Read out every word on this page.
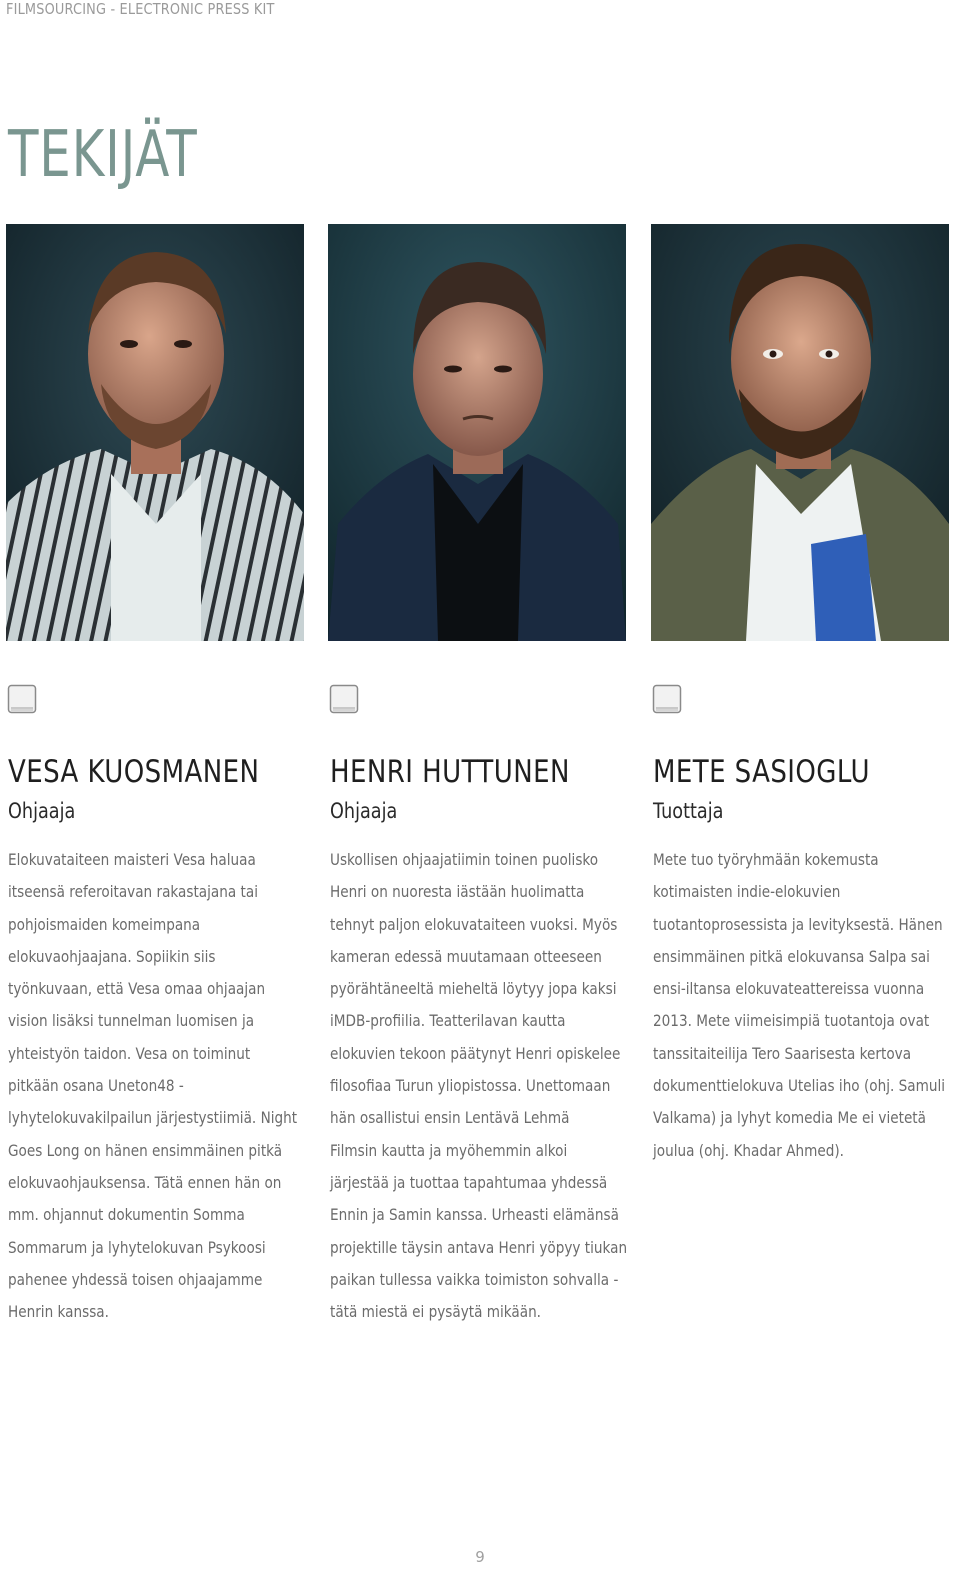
FILMSOURCING - ELECTRONIC PRESS KIT
TEKIJÄT
VESA KUOSMANEN
Ohjaaja
Elokuvataiteen maisteri Vesa haluaa
itseensä referoitavan rakastajana tai
pohjoismaiden komeimpana
elokuvaohjaajana. Sopiikin siis
työnkuvaan, että Vesa omaa ohjaajan
vision lisäksi tunnelman luomisen ja
yhteistyön taidon. Vesa on toiminut
pitkään osana Uneton48 -
lyhytelokuvakilpailun järjestystiimiä. Night
Goes Long on hänen ensimmäinen pitkä
elokuvaohjauksensa. Tätä ennen hän on
mm. ohjannut dokumentin Somma
Sommarum ja lyhytelokuvan Psykoosi
pahenee yhdessä toisen ohjaajamme
Henrin kanssa.
HENRI HUTTUNEN
Ohjaaja
Uskollisen ohjaajatiimin toinen puolisko
Henri on nuoresta iästään huolimatta
tehnyt paljon elokuvataiteen vuoksi. Myös
kameran edessä muutamaan otteeseen
pyörähtäneeltä mieheltä löytyy jopa kaksi
iMDB-profiilia. Teatterilavan kautta
elokuvien tekoon päätynyt Henri opiskelee
filosofiaa Turun yliopistossa. Unettomaan
hän osallistui ensin Lentävä Lehmä
Filmsin kautta ja myöhemmin alkoi
järjestää ja tuottaa tapahtumaa yhdessä
Ennin ja Samin kanssa. Urheasti elämänsä
projektille täysin antava Henri yöpyy tiukan
paikan tullessa vaikka toimiston sohvalla -
tätä miestä ei pysäytä mikään.
METE SASIOGLU
Tuottaja
Mete tuo työryhmään kokemusta
kotimaisten indie-elokuvien
tuotantoprosessista ja levityksestä. Hänen
ensimmäinen pitkä elokuvansa Salpa sai
ensi-iltansa elokuvateattereissa vuonna
2013. Mete viimeisimpiä tuotantoja ovat
tanssitaiteilija Tero Saarisesta kertova
dokumenttielokuva Utelias iho (ohj. Samuli
Valkama) ja lyhyt komedia Me ei vietetä
joulua (ohj. Khadar Ahmed).
9
